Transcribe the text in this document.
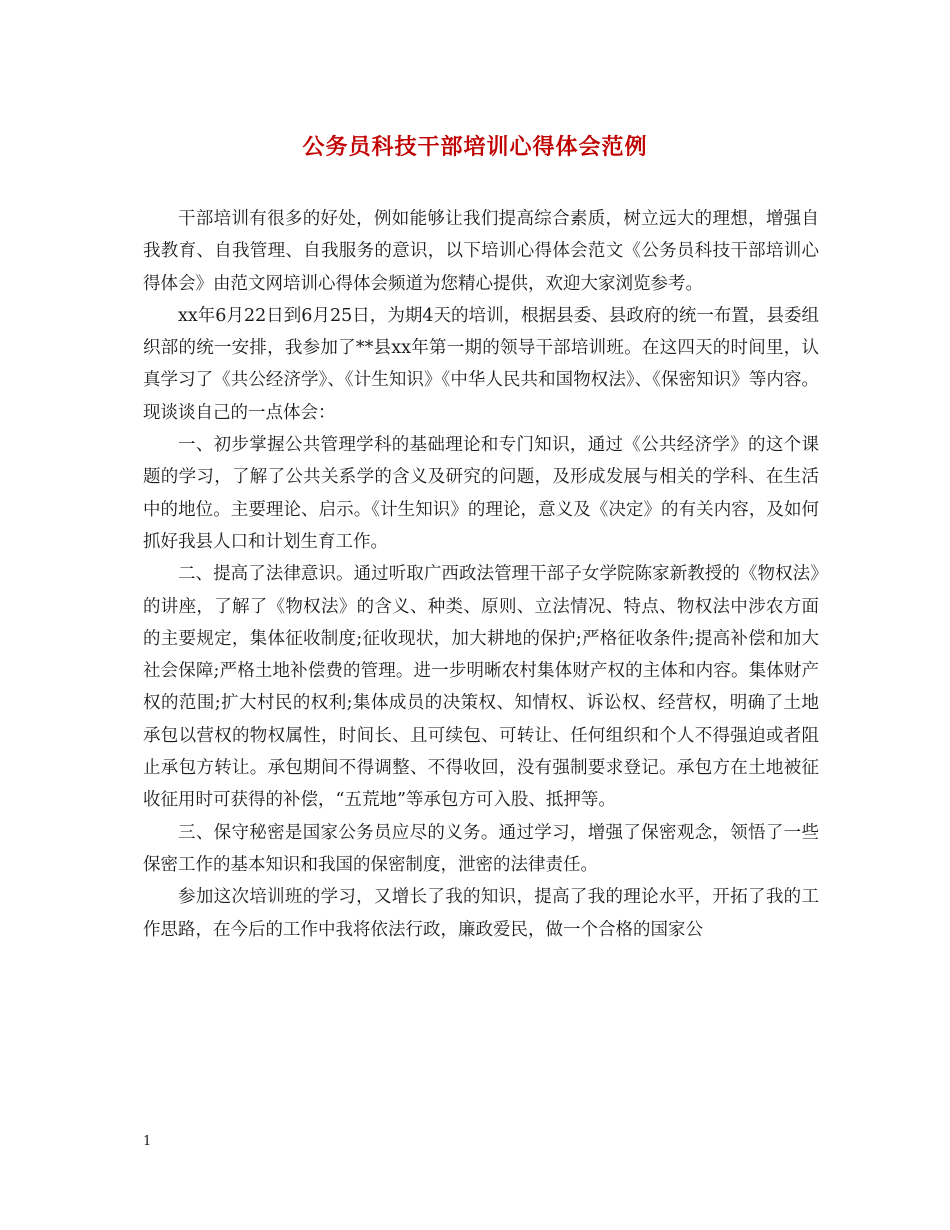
公务员科技干部培训心得体会范例

干部培训有很多的好处，例如能够让我们提高综合素质，树立远大的理想，增强自我教育、自我管理、自我服务的意识，以下培训心得体会范文《公务员科技干部培训心得体会》由范文网培训心得体会频道为您精心提供，欢迎大家浏览参考。

xx年6月22日到6月25日，为期4天的培训，根据县委、县政府的统一布置，县委组织部的统一安排，我参加了**县xx年第一期的领导干部培训班。在这四天的时间里，认真学习了《共公经济学》、《计生知识》《中华人民共和国物权法》、《保密知识》等内容。现谈谈自己的一点体会：

一、初步掌握公共管理学科的基础理论和专门知识，通过《公共经济学》的这个课题的学习，了解了公共关系学的含义及研究的问题，及形成发展与相关的学科、在生活中的地位。主要理论、启示。《计生知识》的理论，意义及《决定》的有关内容，及如何抓好我县人口和计划生育工作。

二、提高了法律意识。通过听取广西政法管理干部子女学院陈家新教授的《物权法》的讲座，了解了《物权法》的含义、种类、原则、立法情况、特点、物权法中涉农方面的主要规定，集体征收制度;征收现状，加大耕地的保护;严格征收条件;提高补偿和加大社会保障;严格土地补偿费的管理。进一步明晰农村集体财产权的主体和内容。集体财产权的范围;扩大村民的权利;集体成员的决策权、知情权、诉讼权、经营权，明确了土地承包以营权的物权属性，时间长、且可续包、可转让、任何组织和个人不得强迫或者阻止承包方转让。承包期间不得调整、不得收回，没有强制要求登记。承包方在土地被征收征用时可获得的补偿，“五荒地”等承包方可入股、抵押等。

三、保守秘密是国家公务员应尽的义务。通过学习，增强了保密观念，领悟了一些保密工作的基本知识和我国的保密制度，泄密的法律责任。

参加这次培训班的学习，又增长了我的知识，提高了我的理论水平，开拓了我的工作思路，在今后的工作中我将依法行政，廉政爱民，做一个合格的国家公

1
